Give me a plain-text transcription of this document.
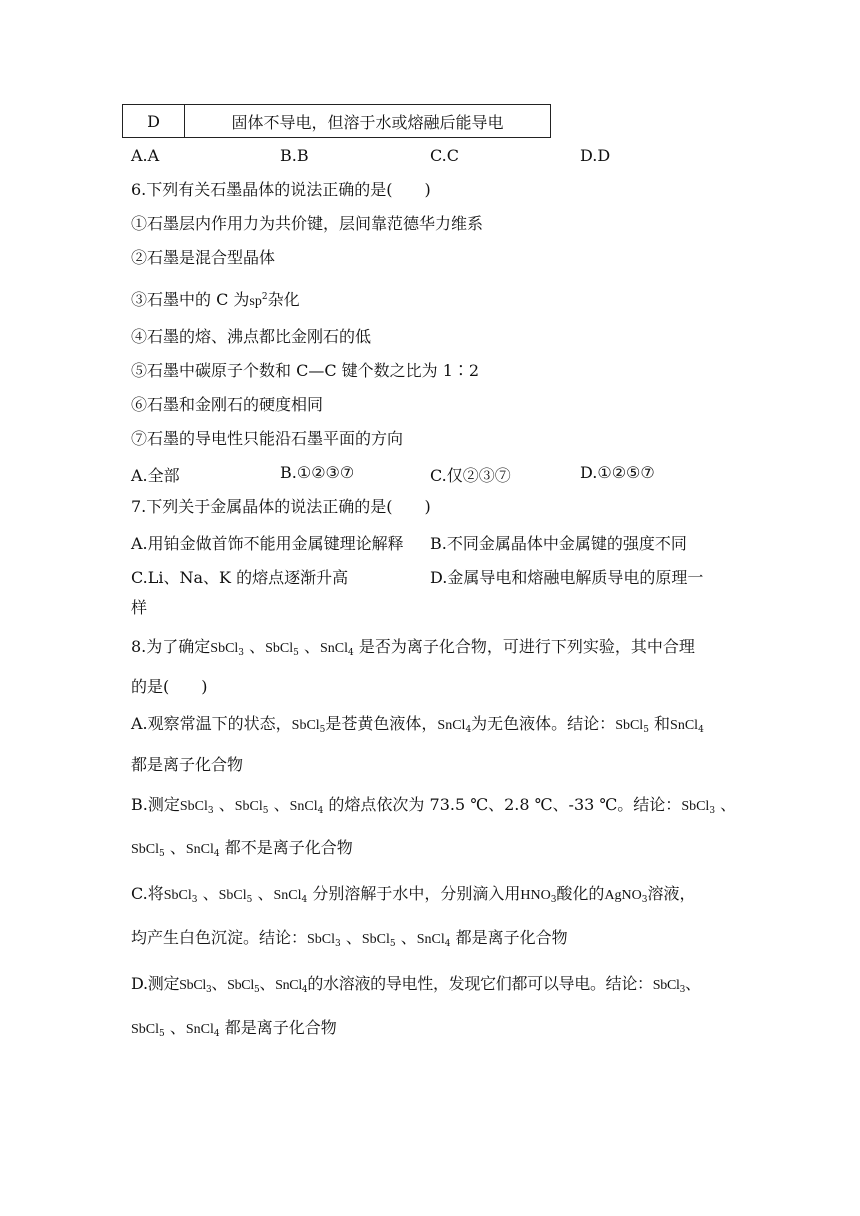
D	固体不导电，但溶于水或熔融后能导电
A.A	B.B	C.C	D.D
6.下列有关石墨晶体的说法正确的是(　　)
①石墨层内作用力为共价键，层间靠范德华力维系
②石墨是混合型晶体
③石墨中的 C 为$sp^2$杂化
④石墨的熔、沸点都比金刚石的低
⑤石墨中碳原子个数和 C—C 键个数之比为 1∶2
⑥石墨和金刚石的硬度相同
⑦石墨的导电性只能沿石墨平面的方向
A.全部	B.①②③⑦	C.仅②③⑦	D.①②⑤⑦
7.下列关于金属晶体的说法正确的是(　　)
A.用铂金做首饰不能用金属键理论解释 B.不同金属晶体中金属键的强度不同
C.Li、Na、K 的熔点逐渐升高	D.金属导电和熔融电解质导电的原理一
样
8.为了确定SbCl$_3$ 、SbCl$_5$ 、SnCl$_4$ 是否为离子化合物，可进行下列实验，其中合理
的是(　　)
A.观察常温下的状态，SbCl$_5$是苍黄色液体，SnCl$_4$为无色液体。结论：SbCl$_5$ 和SnCl$_4$
都是离子化合物
B.测定SbCl$_3$ 、SbCl$_5$ 、SnCl$_4$ 的熔点依次为 73.5 ℃、2.8 ℃、-33 ℃。结论：SbCl$_3$ 、
SbCl$_5$ 、SnCl$_4$ 都不是离子化合物
C.将SbCl$_3$ 、SbCl$_5$ 、SnCl$_4$ 分别溶解于水中，分别滴入用$HNO_3$酸化的AgNO$_3$溶液，
均产生白色沉淀。结论：SbCl$_3$ 、SbCl$_5$ 、SnCl$_4$ 都是离子化合物
D.测定SbCl$_3$、SbCl$_5$、SnCl$_4$的水溶液的导电性，发现它们都可以导电。结论：SbCl$_3$、
SbCl$_5$ 、SnCl$_4$ 都是离子化合物
